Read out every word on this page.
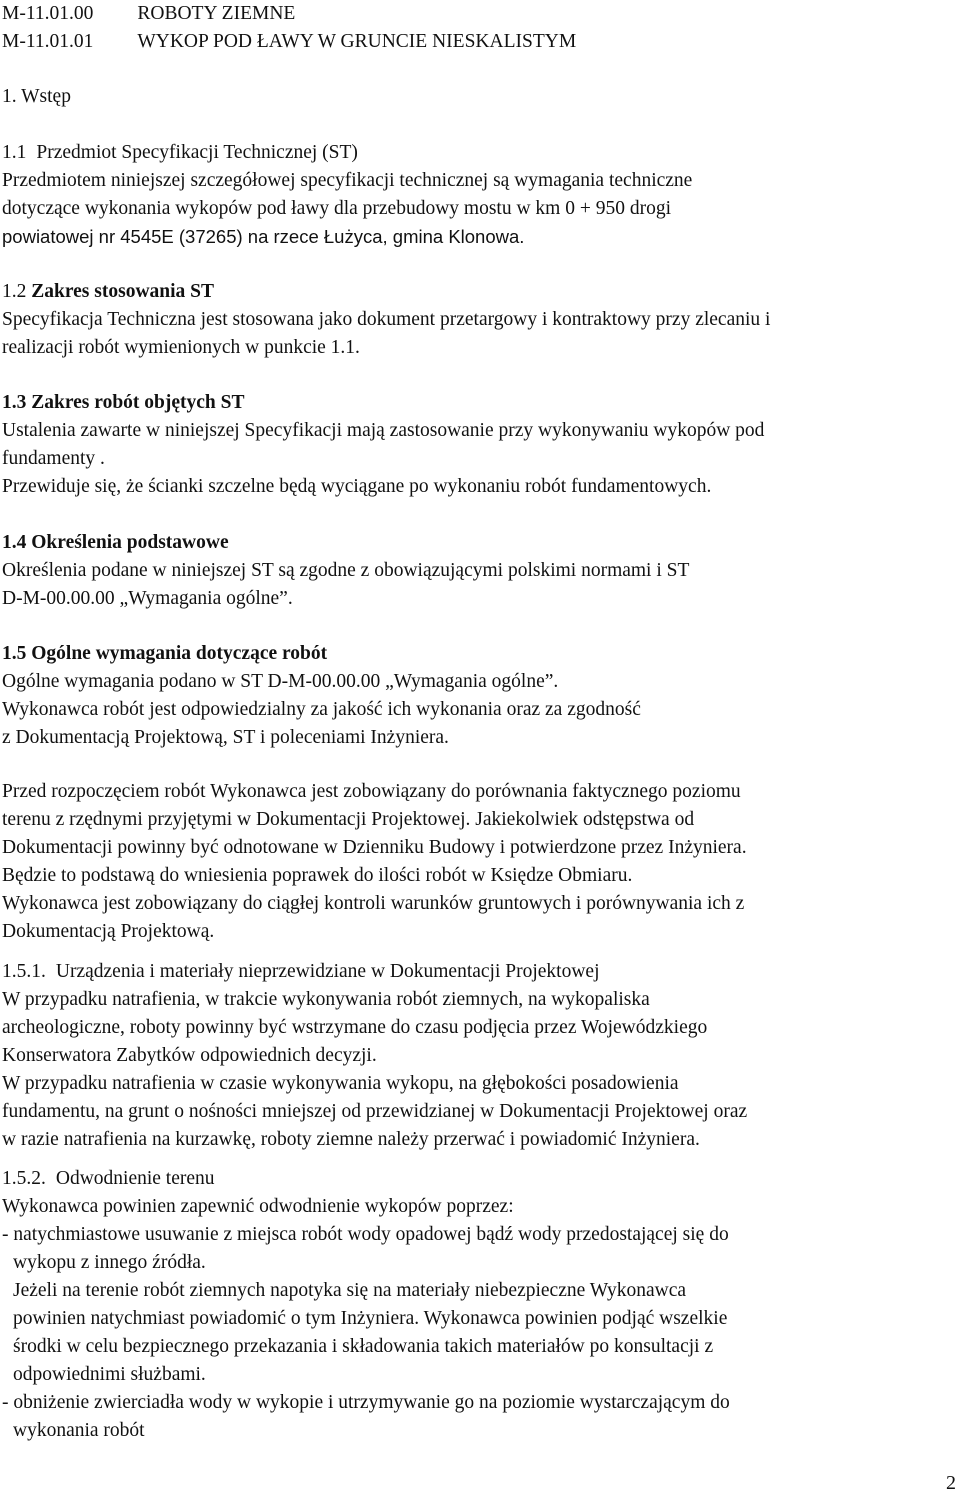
M-11.01.00 ROBOTY ZIEMNE
M-11.01.01 WYKOP POD ŁAWY W GRUNCIE NIESKALISTYM
1. Wstęp
1.1 Przedmiot Specyfikacji Technicznej (ST)
Przedmiotem niniejszej szczegółowej specyfikacji technicznej są wymagania techniczne
dotyczące wykonania wykopów pod ławy dla przebudowy mostu w km 0 + 950 drogi
powiatowej nr 4545E (37265) na rzece Łużyca, gmina Klonowa.
1.2 Zakres stosowania ST
Specyfikacja Techniczna jest stosowana jako dokument przetargowy i kontraktowy przy zlecaniu i
realizacji robót wymienionych w punkcie 1.1.
1.3 Zakres robót objętych ST
Ustalenia zawarte w niniejszej Specyfikacji mają zastosowanie przy wykonywaniu wykopów pod
fundamenty .
Przewiduje się, że ścianki szczelne będą wyciągane po wykonaniu robót fundamentowych.
1.4 Określenia podstawowe
Określenia podane w niniejszej ST są zgodne z obowiązującymi polskimi normami i ST
D-M-00.00.00 „Wymagania ogólne”.
1.5 Ogólne wymagania dotyczące robót
Ogólne wymagania podano w ST D-M-00.00.00 „Wymagania ogólne”.
Wykonawca robót jest odpowiedzialny za jakość ich wykonania oraz za zgodność
z Dokumentacją Projektową, ST i poleceniami Inżyniera.
Przed rozpoczęciem robót Wykonawca jest zobowiązany do porównania faktycznego poziomu
terenu z rzędnymi przyjętymi w Dokumentacji Projektowej. Jakiekolwiek odstępstwa od
Dokumentacji powinny być odnotowane w Dzienniku Budowy i potwierdzone przez Inżyniera.
Będzie to podstawą do wniesienia poprawek do ilości robót w Księdze Obmiaru.
Wykonawca jest zobowiązany do ciągłej kontroli warunków gruntowych i porównywania ich z
Dokumentacją Projektową.
1.5.1. Urządzenia i materiały nieprzewidziane w Dokumentacji Projektowej
W przypadku natrafienia, w trakcie wykonywania robót ziemnych, na wykopaliska
archeologiczne, roboty powinny być wstrzymane do czasu podjęcia przez Wojewódzkiego
Konserwatora Zabytków odpowiednich decyzji.
W przypadku natrafienia w czasie wykonywania wykopu, na głębokości posadowienia
fundamentu, na grunt o nośności mniejszej od przewidzianej w Dokumentacji Projektowej oraz
w razie natrafienia na kurzawkę, roboty ziemne należy przerwać i powiadomić Inżyniera.
1.5.2. Odwodnienie terenu
Wykonawca powinien zapewnić odwodnienie wykopów poprzez:
- natychmiastowe usuwanie z miejsca robót wody opadowej bądź wody przedostającej się do
wykopu z innego źródła.
Jeżeli na terenie robót ziemnych napotyka się na materiały niebezpieczne Wykonawca
powinien natychmiast powiadomić o tym Inżyniera. Wykonawca powinien podjąć wszelkie
środki w celu bezpiecznego przekazania i składowania takich materiałów po konsultacji z
odpowiednimi służbami.
- obniżenie zwierciadła wody w wykopie i utrzymywanie go na poziomie wystarczającym do
wykonania robót
2
